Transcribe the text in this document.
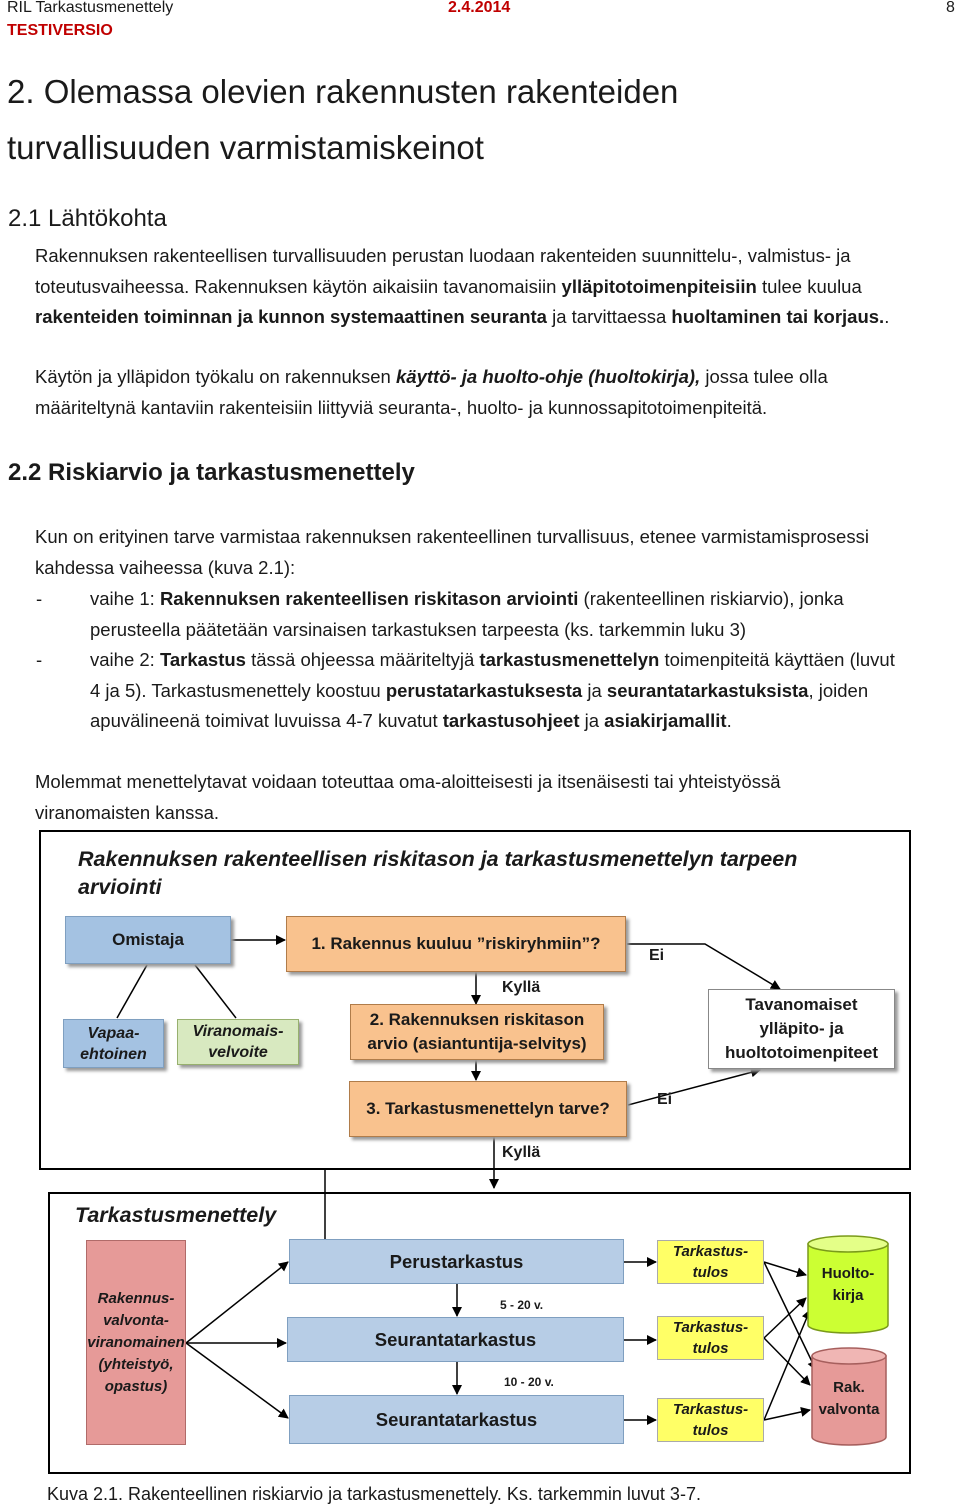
RIL Tarkastusmenettely	2.4.2014	8
TESTIVERSIO
2. Olemassa olevien rakennusten rakenteiden
turvallisuuden varmistamiskeinot
2.1 Lähtökohta
Rakennuksen rakenteellisen turvallisuuden perustan luodaan rakenteiden suunnittelu-, valmistus- ja
toteutusvaiheessa. Rakennuksen käytön aikaisiin tavanomaisiin ylläpitotoimenpiteisiin tulee kuulua
rakenteiden toiminnan ja kunnon systemaattinen seuranta ja tarvittaessa huoltaminen tai korjaus..
Käytön ja ylläpidon työkalu on rakennuksen käyttö- ja huolto-ohje (huoltokirja), jossa tulee olla
määriteltynä kantaviin rakenteisiin liittyviä seuranta-, huolto- ja kunnossapitotoimenpiteitä.
2.2 Riskiarvio ja tarkastusmenettely
Kun on erityinen tarve varmistaa rakennuksen rakenteellinen turvallisuus, etenee varmistamisprosessi
kahdessa vaiheessa (kuva 2.1):
-	vaihe 1: Rakennuksen rakenteellisen riskitason arviointi (rakenteellinen riskiarvio), jonka
perusteella päätetään varsinaisen tarkastuksen tarpeesta (ks. tarkemmin luku 3)
-	vaihe 2: Tarkastus tässä ohjeessa määriteltyjä tarkastusmenettelyn toimenpiteitä käyttäen (luvut
4 ja 5). Tarkastusmenettely koostuu perustatarkastuksesta ja seurantatarkastuksista, joiden
apuvälineenä toimivat luvuissa 4-7 kuvatut tarkastusohjeet ja asiakirjamallit.
Molemmat menettelytavat voidaan toteuttaa oma-aloitteisesti ja itsenäisesti tai yhteistyössä
viranomaisten kanssa.
Rakennuksen rakenteellisen riskitason ja tarkastusmenettelyn tarpeen
arviointi
Omistaja
Vapaa-
ehtoinen
Viranomais-
velvoite
1. Rakennus kuuluu ”riskiryhmiin”?
Ei
Kyllä
2. Rakennuksen riskitason
arvio (asiantuntija-selvitys)
Tavanomaiset
ylläpito- ja
huoltotoimenpiteet
3. Tarkastusmenettelyn tarve?	Ei
Kyllä
Tarkastusmenettely
Rakennus-
valvonta-
viranomainen
(yhteistyö,
opastus)
Perustarkastus
5 - 20 v.
Seurantatarkastus
10 - 20 v.
Seurantatarkastus
Tarkastus-
tulos
Tarkastus-
tulos
Tarkastus-
tulos
Huolto-
kirja
Rak.
valvonta
Kuva 2.1. Rakenteellinen riskiarvio ja tarkastusmenettely. Ks. tarkemmin luvut 3-7.
